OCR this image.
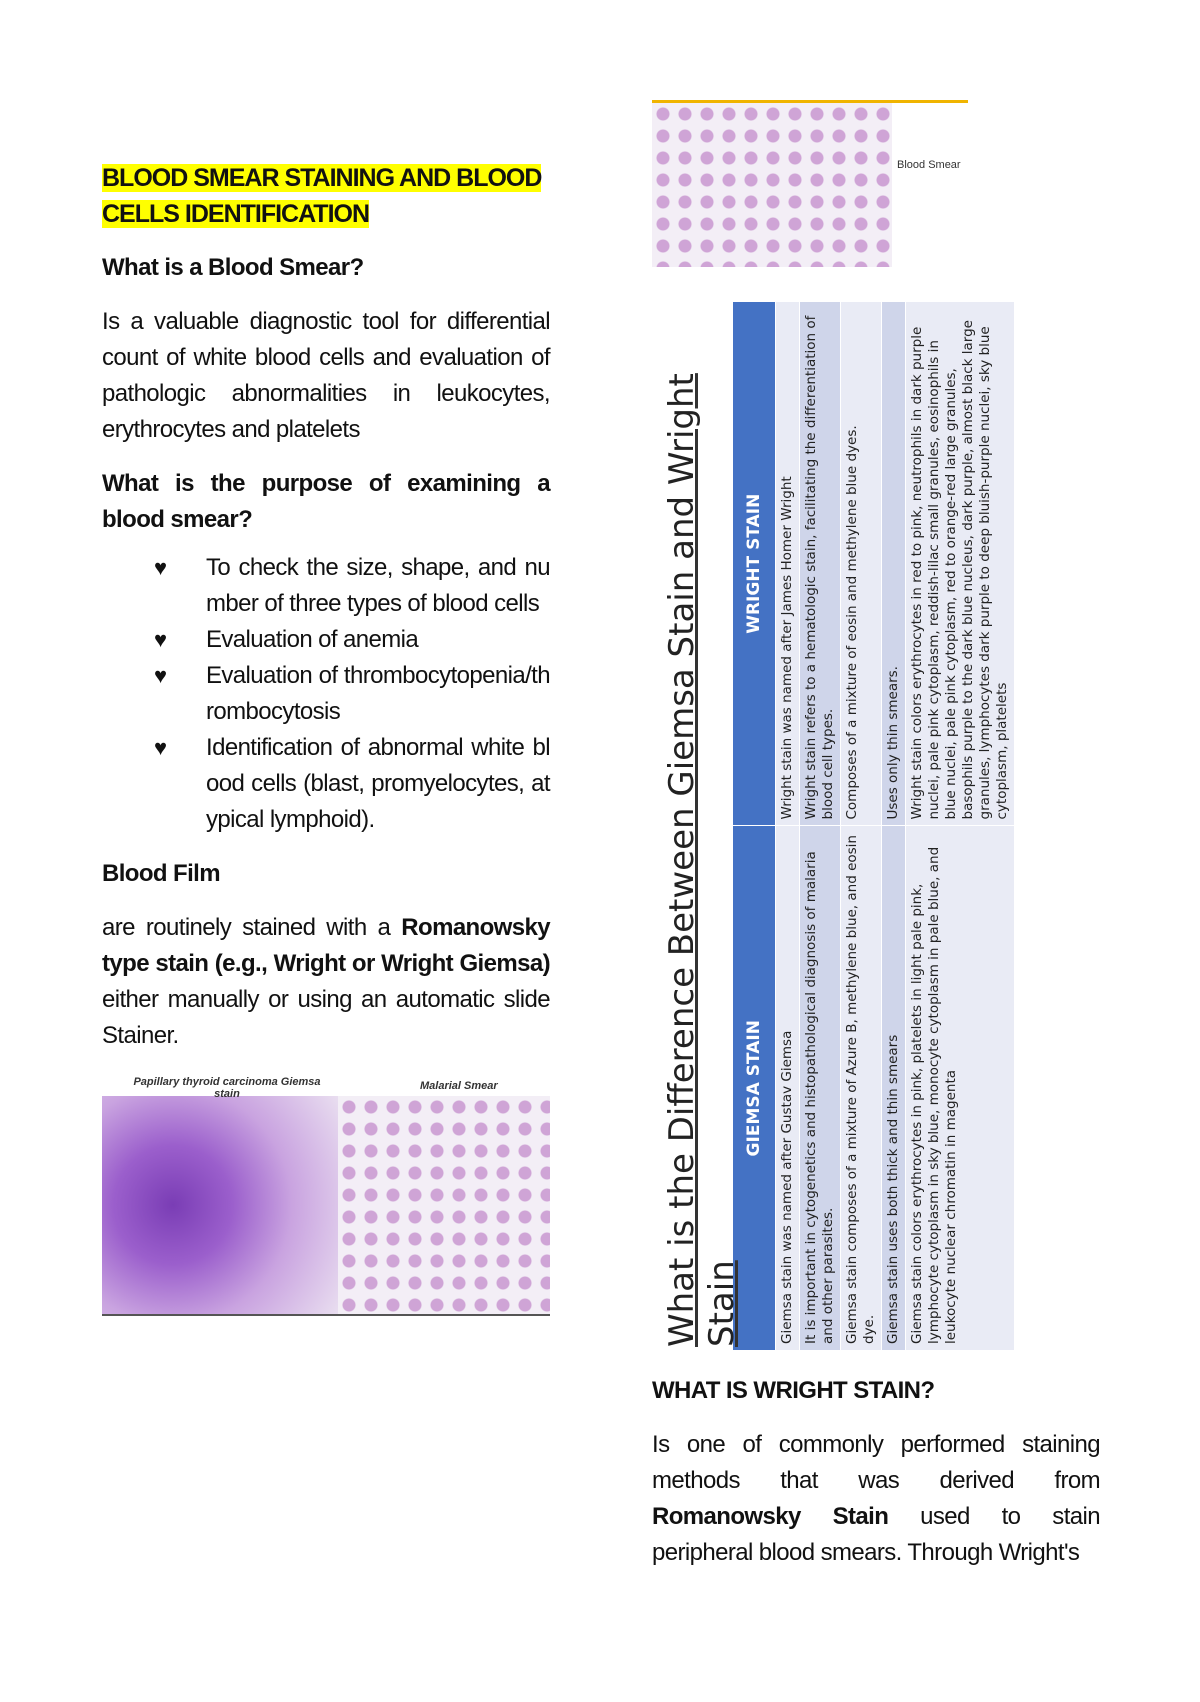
BLOOD SMEAR STAINING AND BLOOD CELLS IDENTIFICATION

What is a Blood Smear?

Is a valuable diagnostic tool for differential count of white blood cells and evaluation of pathologic abnormalities in leukocytes, erythrocytes and platelets

What is the purpose of examining a blood smear?

♥ To check the size, shape, and number of three types of blood cells
♥ Evaluation of anemia
♥ Evaluation of thrombocytopenia/thrombocytosis
♥ Identification of abnormal white blood cells (blast, promyelocytes, atypical lymphoid).

Blood Film

are routinely stained with a Romanowsky type stain (e.g., Wright or Wright Giemsa) either manually or using an automatic slide Stainer.

Papillary thyroid carcinoma Giemsa stain
Malarial Smear
Blood Smear
What is the Difference Between Giemsa Stain and Wright Stain
GIEMSA STAIN	WRIGHT STAIN
Giemsa stain was named after Gustav Giemsa	Wright stain was named after James Homer Wright
It is important in cytogenetics and histopathological diagnosis of malaria and other parasites.	Wright stain refers to a hematologic stain, facilitating the differentiation of blood cell types.
Giemsa stain composes of a mixture of Azure B, methylene blue, and eosin dye.	Composes of a mixture of eosin and methylene blue dyes.
Giemsa stain uses both thick and thin smears	Uses only thin smears.
Giemsa stain colors erythrocytes in pink, platelets in light pale pink, lymphocyte cytoplasm in sky blue, monocyte cytoplasm in pale blue, and leukocyte nuclear chromatin in magenta	Wright stain colors erythrocytes in red to pink, neutrophils in dark purple nuclei, pale pink cytoplasm, reddish-lilac small granules, eosinophils in blue nuclei, pale pink cytoplasm, red to orange-red large granules, basophils purple to the dark blue nucleus, dark purple, almost black large granules, lymphocytes dark purple to deep bluish-purple nuclei, sky blue cytoplasm, platelets

WHAT IS WRIGHT STAIN?

Is one of commonly performed staining methods that was derived from Romanowsky Stain used to stain peripheral blood smears. Through Wright's
